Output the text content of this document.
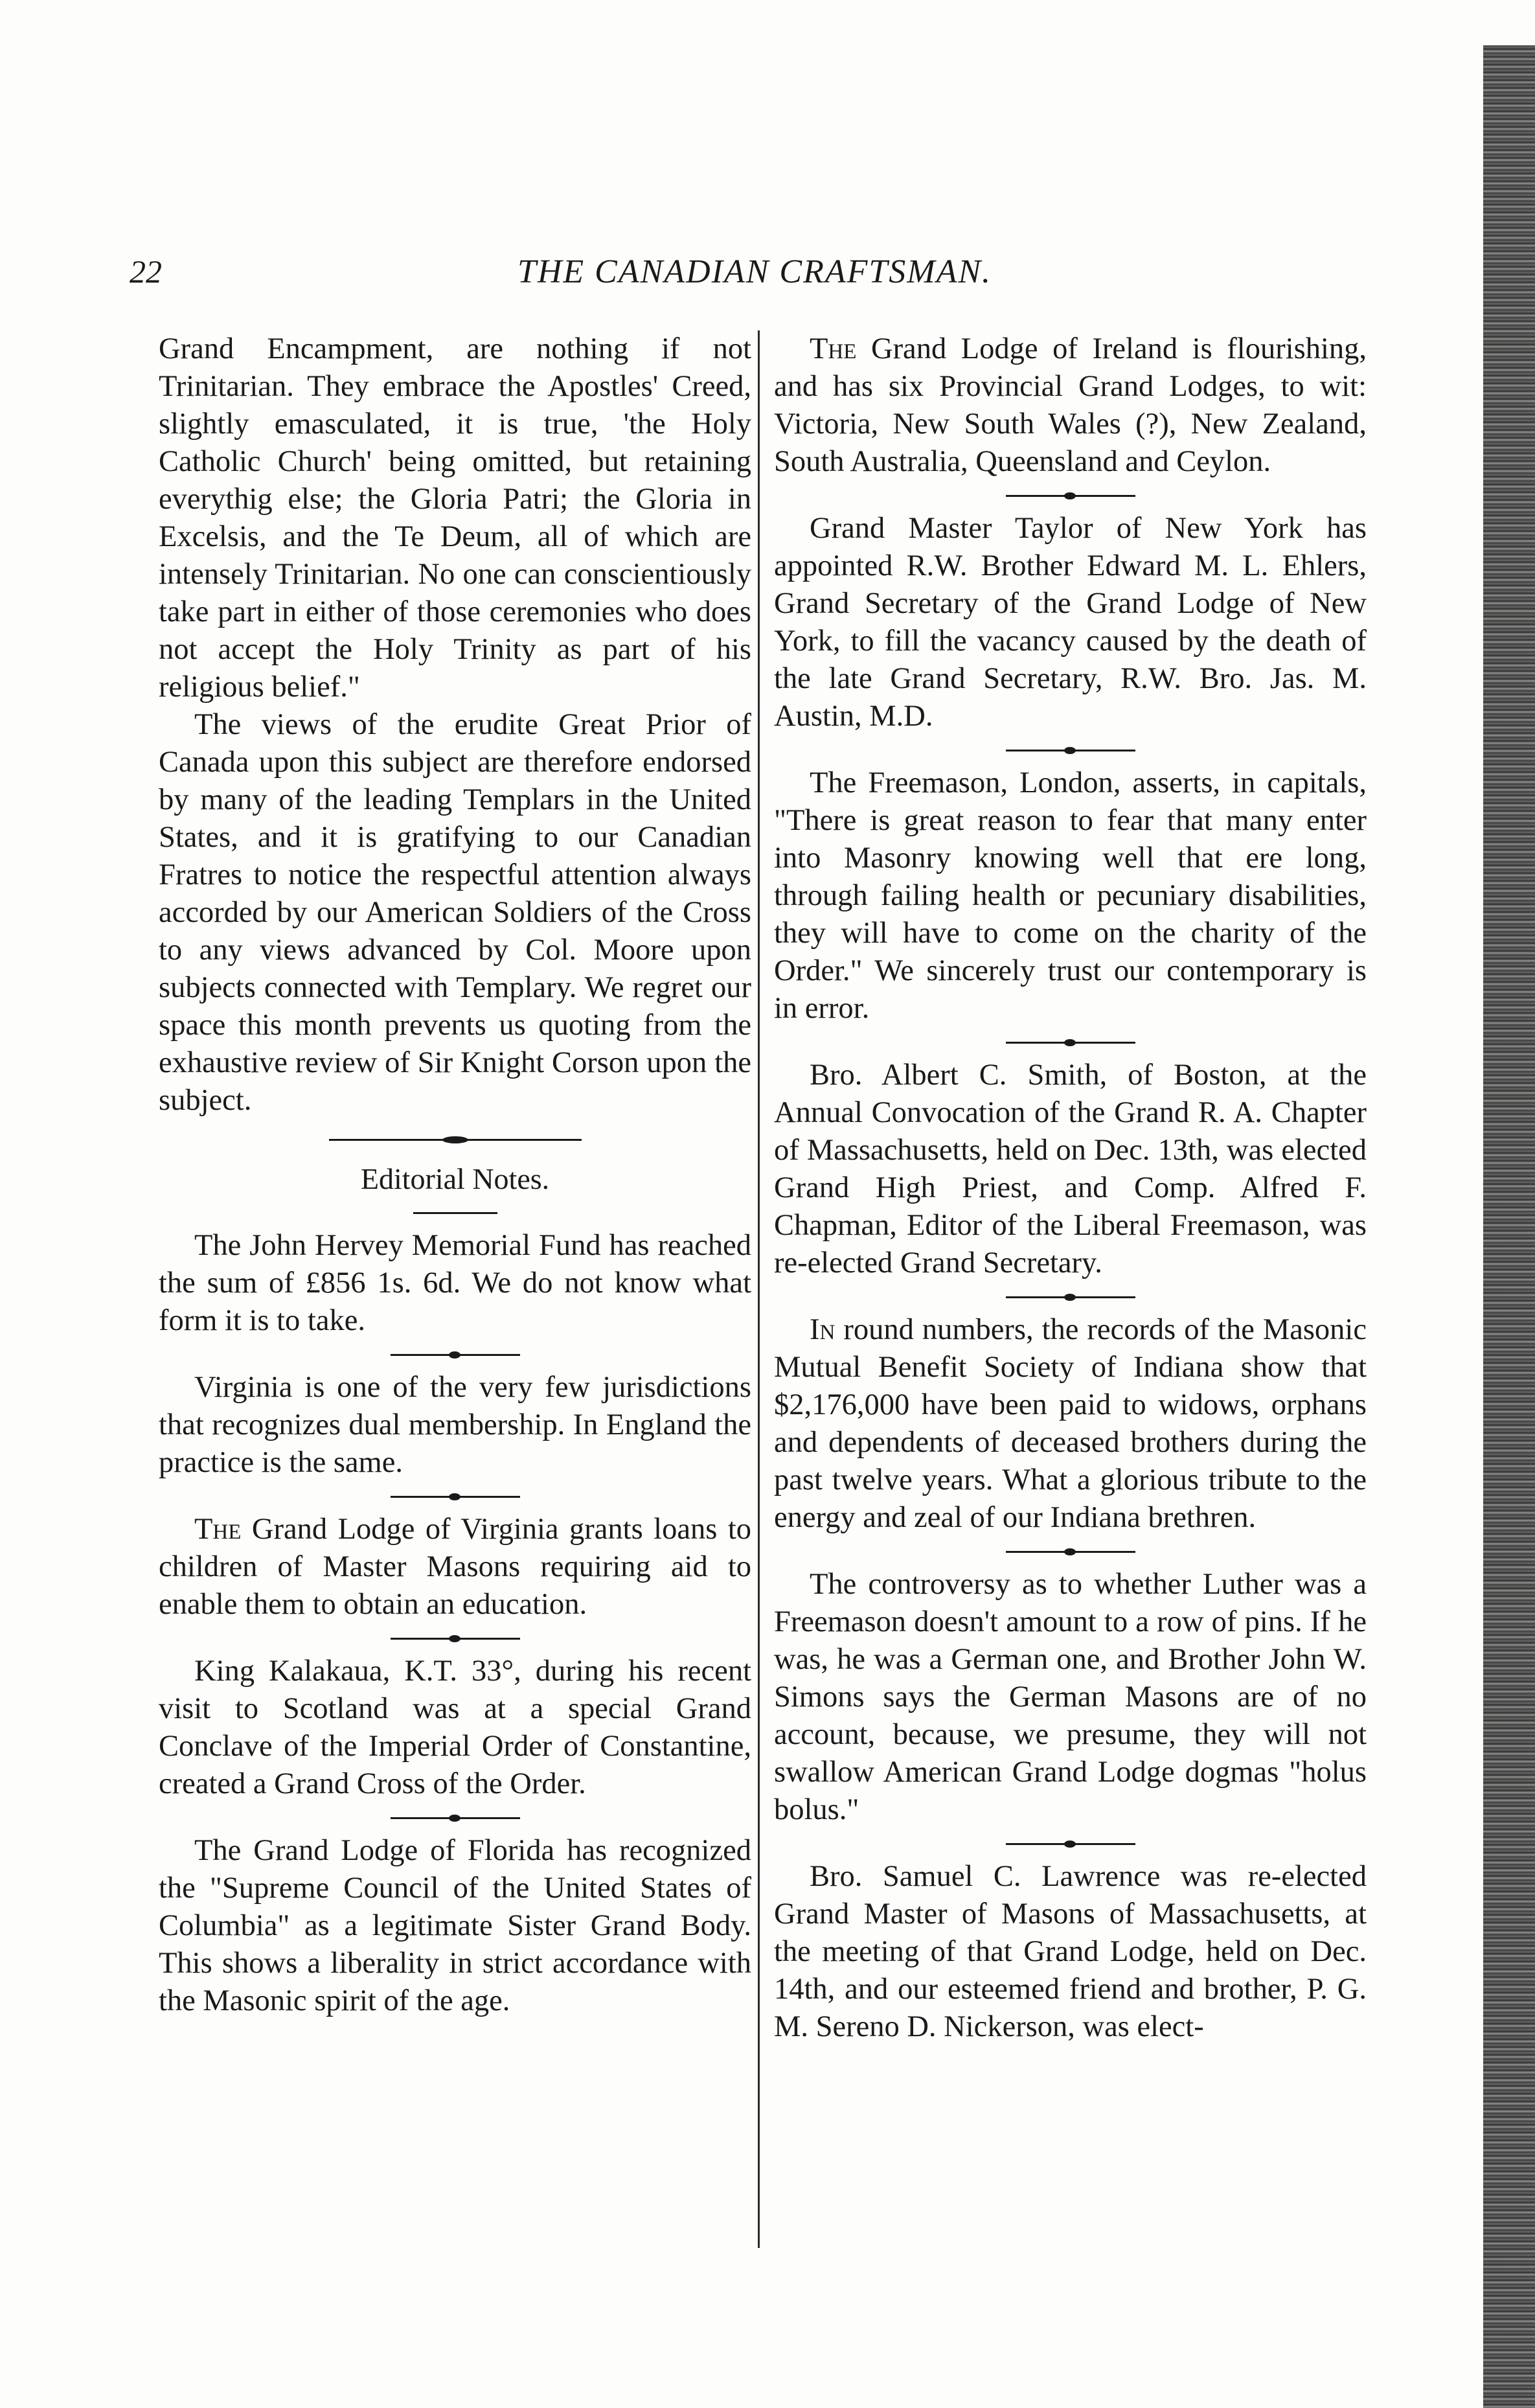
22	THE CANADIAN CRAFTSMAN.

Grand Encampment, are nothing if not Trinitarian. They embrace the Apostles' Creed, slightly emasculated, it is true, 'the Holy Catholic Church' being omitted, but retaining everythig else; the Gloria Patri; the Gloria in Excelsis, and the Te Deum, all of which are intensely Trinitarian. No one can conscientiously take part in either of those ceremonies who does not accept the Holy Trinity as part of his religious belief."

The views of the erudite Great Prior of Canada upon this subject are therefore endorsed by many of the leading Templars in the United States, and it is gratifying to our Canadian Fratres to notice the respectful attention always accorded by our American Soldiers of the Cross to any views advanced by Col. Moore upon subjects connected with Templary. We regret our space this month prevents us quoting from the exhaustive review of Sir Knight Corson upon the subject.

Editorial Notes.

The John Hervey Memorial Fund has reached the sum of £856 1s. 6d. We do not know what form it is to take.

Virginia is one of the very few jurisdictions that recognizes dual membership. In England the practice is the same.

The Grand Lodge of Virginia grants loans to children of Master Masons requiring aid to enable them to obtain an education.

King Kalakaua, K.T. 33°, during his recent visit to Scotland was at a special Grand Conclave of the Imperial Order of Constantine, created a Grand Cross of the Order.

The Grand Lodge of Florida has recognized the "Supreme Council of the United States of Columbia" as a legitimate Sister Grand Body. This shows a liberality in strict accordance with the Masonic spirit of the age.

The Grand Lodge of Ireland is flourishing, and has six Provincial Grand Lodges, to wit: Victoria, New South Wales (?), New Zealand, South Australia, Queensland and Ceylon.

Grand Master Taylor of New York has appointed R.W. Brother Edward M. L. Ehlers, Grand Secretary of the Grand Lodge of New York, to fill the vacancy caused by the death of the late Grand Secretary, R.W. Bro. Jas. M. Austin, M.D.

The Freemason, London, asserts, in capitals, "There is great reason to fear that many enter into Masonry knowing well that ere long, through failing health or pecuniary disabilities, they will have to come on the charity of the Order." We sincerely trust our contemporary is in error.

Bro. Albert C. Smith, of Boston, at the Annual Convocation of the Grand R. A. Chapter of Massachusetts, held on Dec. 13th, was elected Grand High Priest, and Comp. Alfred F. Chapman, Editor of the Liberal Freemason, was re-elected Grand Secretary.

In round numbers, the records of the Masonic Mutual Benefit Society of Indiana show that $2,176,000 have been paid to widows, orphans and dependents of deceased brothers during the past twelve years. What a glorious tribute to the energy and zeal of our Indiana brethren.

The controversy as to whether Luther was a Freemason doesn't amount to a row of pins. If he was, he was a German one, and Brother John W. Simons says the German Masons are of no account, because, we presume, they will not swallow American Grand Lodge dogmas "holus bolus."

Bro. Samuel C. Lawrence was re-elected Grand Master of Masons of Massachusetts, at the meeting of that Grand Lodge, held on Dec. 14th, and our esteemed friend and brother, P. G. M. Sereno D. Nickerson, was elect-
